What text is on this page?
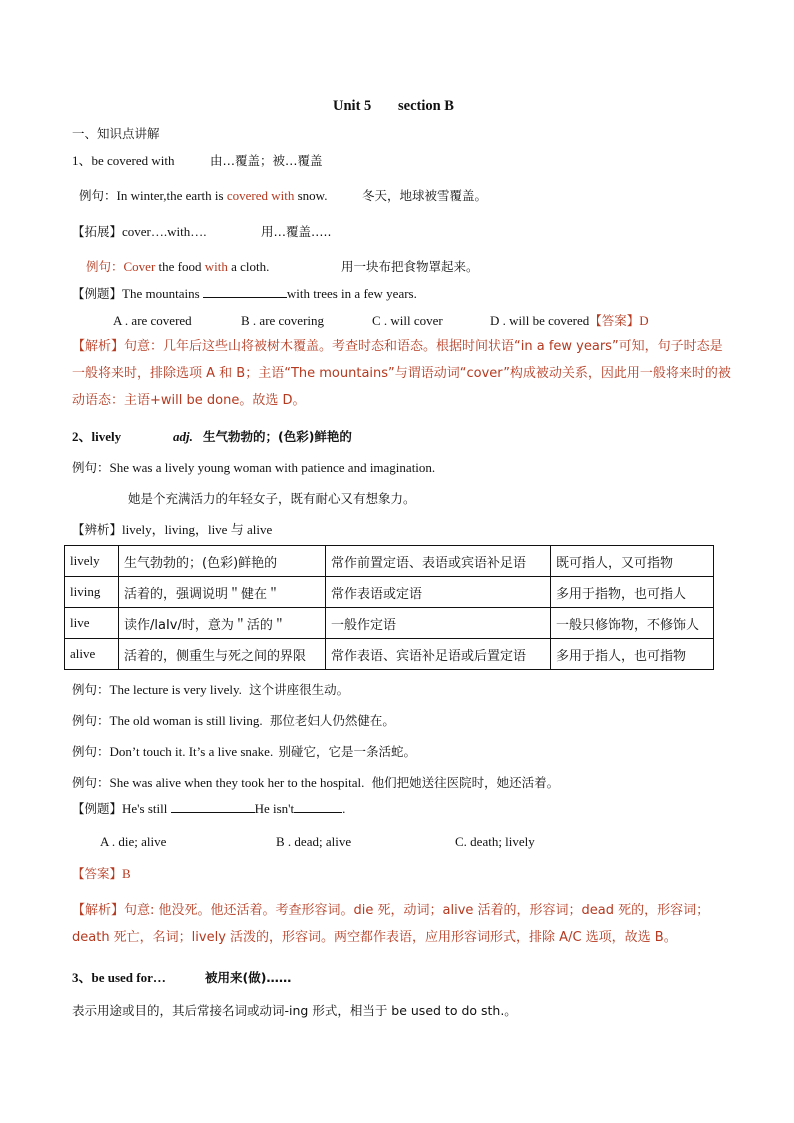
Unit 5 section B
一、知识点讲解
1、be covered with	由…覆盖；被…覆盖
例句：In winter,the earth is covered with snow.	冬天，地球被雪覆盖。
【拓展】cover….with….	用…覆盖…..
例句：Cover the food with a cloth.	用一块布把食物罩起来。
【例题】The mountains	with trees in a few years.
A . are covered	B . are covering	C . will cover	D . will be covered【答案】D
【解析】句意：几年后这些山将被树木覆盖。考查时态和语态。根据时间状语“in a few years”可知，句子时态是一般将来时，排除选项 A 和 B；主语“The mountains”与谓语动词“cover”构成被动关系，因此用一般将来时的被动语态：主语+will be done。故选 D。
2、lively	adj. 生气勃勃的；(色彩)鲜艳的
例句：She was a lively young woman with patience and imagination.
她是个充满活力的年轻女子，既有耐心又有想象力。
【辨析】lively，living，live 与 alive
lively	生气勃勃的；(色彩)鲜艳的	常作前置定语、表语或宾语补足语	既可指人，又可指物
living	活着的，强调说明＂健在＂	常作表语或定语	多用于指物，也可指人
live	读作/laIv/时，意为＂活的＂	一般作定语	一般只修饰物，不修饰人
alive	活着的，侧重生与死之间的界限	常作表语、宾语补足语或后置定语	多用于指人，也可指物
例句：The lecture is very lively. 这个讲座很生动。
例句：The old woman is still living. 那位老妇人仍然健在。
例句：Don’t touch it. It’s a live snake. 别碰它，它是一条活蛇。
例句：She was alive when they took her to the hospital. 他们把她送往医院时，她还活着。
【例题】He's still	He isn't	.
A . die; alive	B . dead; alive	C. death; lively
【答案】B
【解析】句意: 他没死。他还活着。考查形容词。die 死，动词；alive 活着的，形容词；dead 死的，形容词；death 死亡，名词；lively 活泼的，形容词。两空都作表语，应用形容词形式，排除 A/C 选项，故选 B。
3、be used for…	被用来(做)……
表示用途或目的，其后常接名词或动词-ing 形式，相当于 be used to do sth.。
